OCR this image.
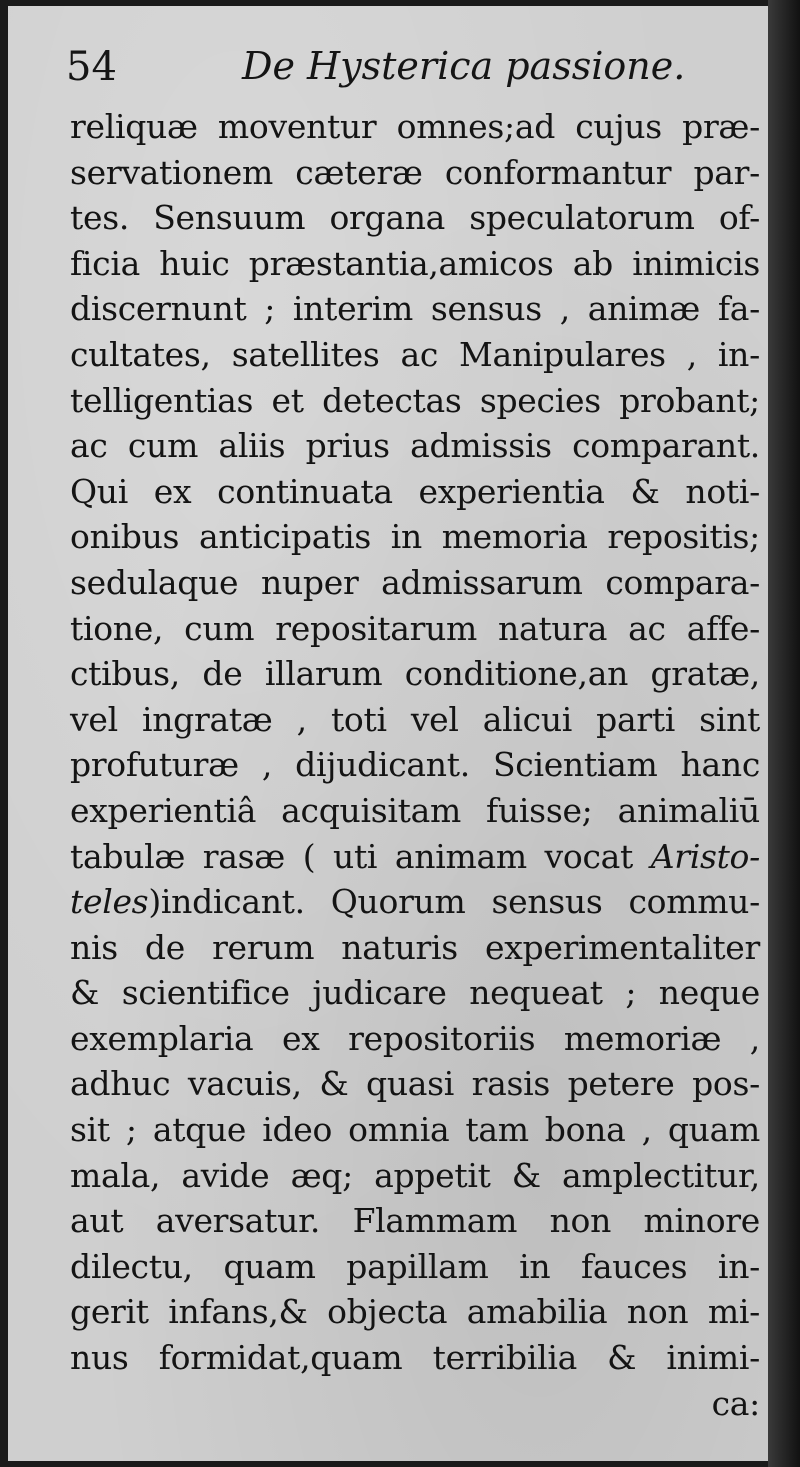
54	De Hysterica passione.
reliquæ moventur omnes;ad cujus præ-
servationem cæteræ conformantur par-
tes. Sensuum organa speculatorum of-
ficia huic præstantia,amicos ab inimicis
discernunt ; interim sensus , animæ fa-
cultates, satellites ac Manipulares , in-
telligentias et detectas species probant;
ac cum aliis prius admissis comparant.
Qui ex continuata experientia & noti-
onibus anticipatis in memoria repositis;
sedulaque nuper admissarum compara-
tione, cum repositarum natura ac affe-
ctibus, de illarum conditione,an gratæ,
vel ingratæ , toti vel alicui parti sint
profuturæ , dijudicant. Scientiam hanc
experientiâ acquisitam fuisse; animaliū
tabulæ rasæ ( uti animam vocat Aristo-
teles)indicant. Quorum sensus commu-
nis de rerum naturis experimentaliter
& scientifice judicare nequeat ; neque
exemplaria ex repositoriis memoriæ ,
adhuc vacuis, & quasi rasis petere pos-
sit ; atque ideo omnia tam bona , quam
mala, avide æq; appetit & amplectitur,
aut aversatur. Flammam non minore
dilectu, quam papillam in fauces in-
gerit infans,& objecta amabilia non mi-
nus formidat,quam terribilia & inimi-
ca:
